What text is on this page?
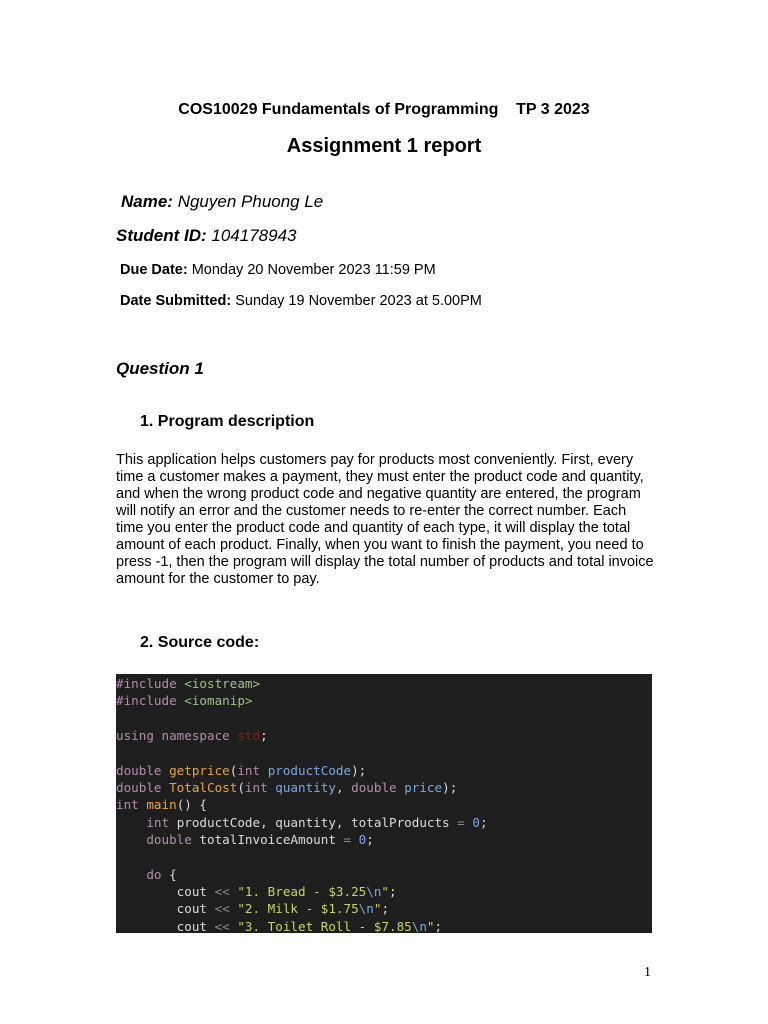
COS10029 Fundamentals of Programming    TP 3 2023
Assignment 1 report
Name: Nguyen Phuong Le
Student ID: 104178943
Due Date: Monday 20 November 2023 11:59 PM
Date Submitted: Sunday 19 November 2023 at 5.00PM
Question 1
1. Program description
This application helps customers pay for products most conveniently. First, every time a customer makes a payment, they must enter the product code and quantity, and when the wrong product code and negative quantity are entered, the program will notify an error and the customer needs to re-enter the correct number. Each time you enter the product code and quantity of each type, it will display the total amount of each product. Finally, when you want to finish the payment, you need to press -1, then the program will display the total number of products and total invoice amount for the customer to pay.
2. Source code:
#include <iostream>
#include <iomanip>

using namespace std;

double getprice(int productCode);
double TotalCost(int quantity, double price);
int main() {
int productCode, quantity, totalProducts = 0;
double totalInvoiceAmount = 0;

do {
cout << "1. Bread - $3.25\n";
cout << "2. Milk - $1.75\n";
cout << "3. Toilet Roll - $7.85\n";

1
